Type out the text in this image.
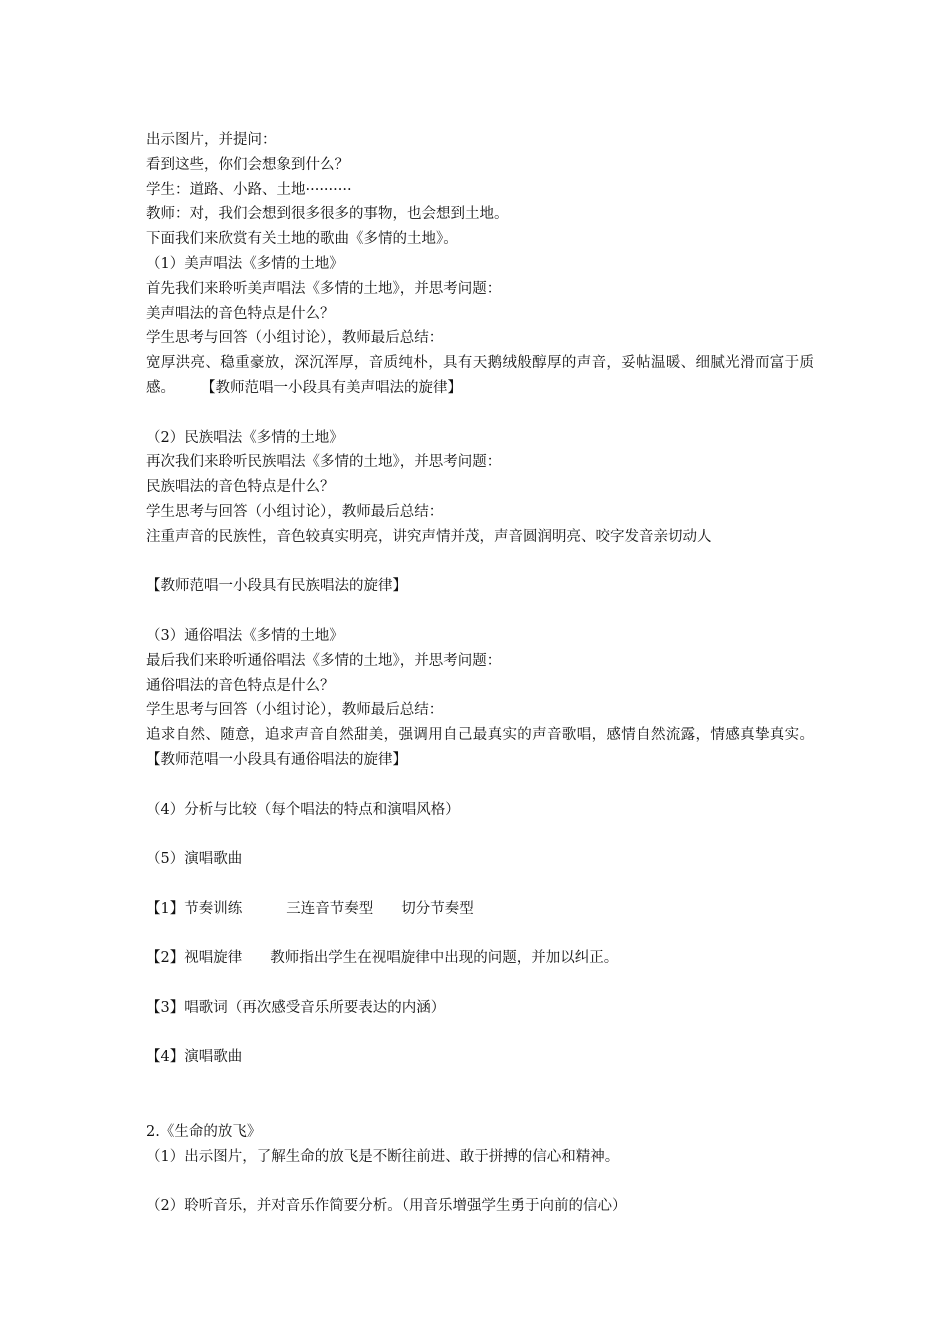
出示图片，并提问：
看到这些，你们会想象到什么？
学生：道路、小路、土地··········
教师：对，我们会想到很多很多的事物，也会想到土地。
下面我们来欣赏有关土地的歌曲《多情的土地》。
（1）美声唱法《多情的土地》
首先我们来聆听美声唱法《多情的土地》，并思考问题：
美声唱法的音色特点是什么？
学生思考与回答（小组讨论），教师最后总结：
宽厚洪亮、稳重豪放，深沉浑厚，音质纯朴，具有天鹅绒般醇厚的声音，妥帖温暖、细腻光滑而富于质感。 【教师范唱一小段具有美声唱法的旋律】
（2）民族唱法《多情的土地》
再次我们来聆听民族唱法《多情的土地》，并思考问题：
民族唱法的音色特点是什么？
学生思考与回答（小组讨论），教师最后总结：
注重声音的民族性，音色较真实明亮，讲究声情并茂，声音圆润明亮、咬字发音亲切动人
【教师范唱一小段具有民族唱法的旋律】
（3）通俗唱法《多情的土地》
最后我们来聆听通俗唱法《多情的土地》，并思考问题：
通俗唱法的音色特点是什么？
学生思考与回答（小组讨论），教师最后总结：
追求自然、随意，追求声音自然甜美，强调用自己最真实的声音歌唱，感情自然流露，情感真挚真实。【教师范唱一小段具有通俗唱法的旋律】
（4）分析与比较（每个唱法的特点和演唱风格）
（5）演唱歌曲
【1】节奏训练	三连音节奏型 切分节奏型
【2】视唱旋律 教师指出学生在视唱旋律中出现的问题，并加以纠正。
【3】唱歌词（再次感受音乐所要表达的内涵）
【4】演唱歌曲
2.《生命的放飞》
（1）出示图片，了解生命的放飞是不断往前进、敢于拼搏的信心和精神。
（2）聆听音乐，并对音乐作简要分析。（用音乐增强学生勇于向前的信心）
